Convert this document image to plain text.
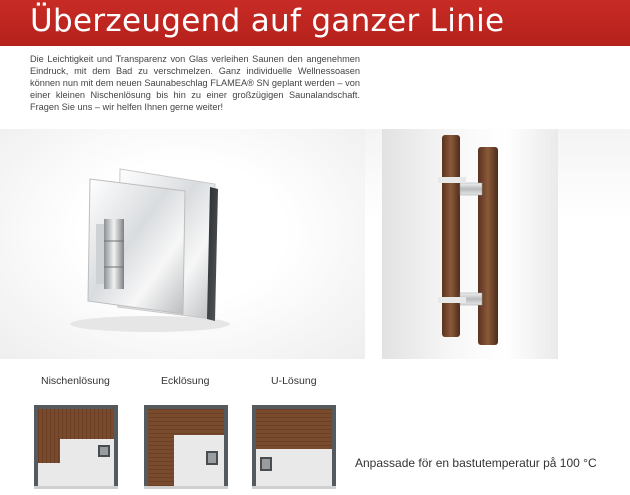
Überzeugend auf ganzer Linie

Die Leichtigkeit und Transparenz von Glas verleihen Saunen den angenehmen Eindruck, mit dem Bad zu verschmelzen. Ganz individuelle Wellnessoasen können nun mit dem neuen Saunabeschlag FLAMEA® SN geplant werden – von einer kleinen Nischenlösung bis hin zu einer großzügigen Saunalandschaft. Fragen Sie uns – wir helfen Ihnen gerne weiter!

Nischenlösung	Ecklösung	U-Lösung
Anpassade för en bastutemperatur på 100 °C
